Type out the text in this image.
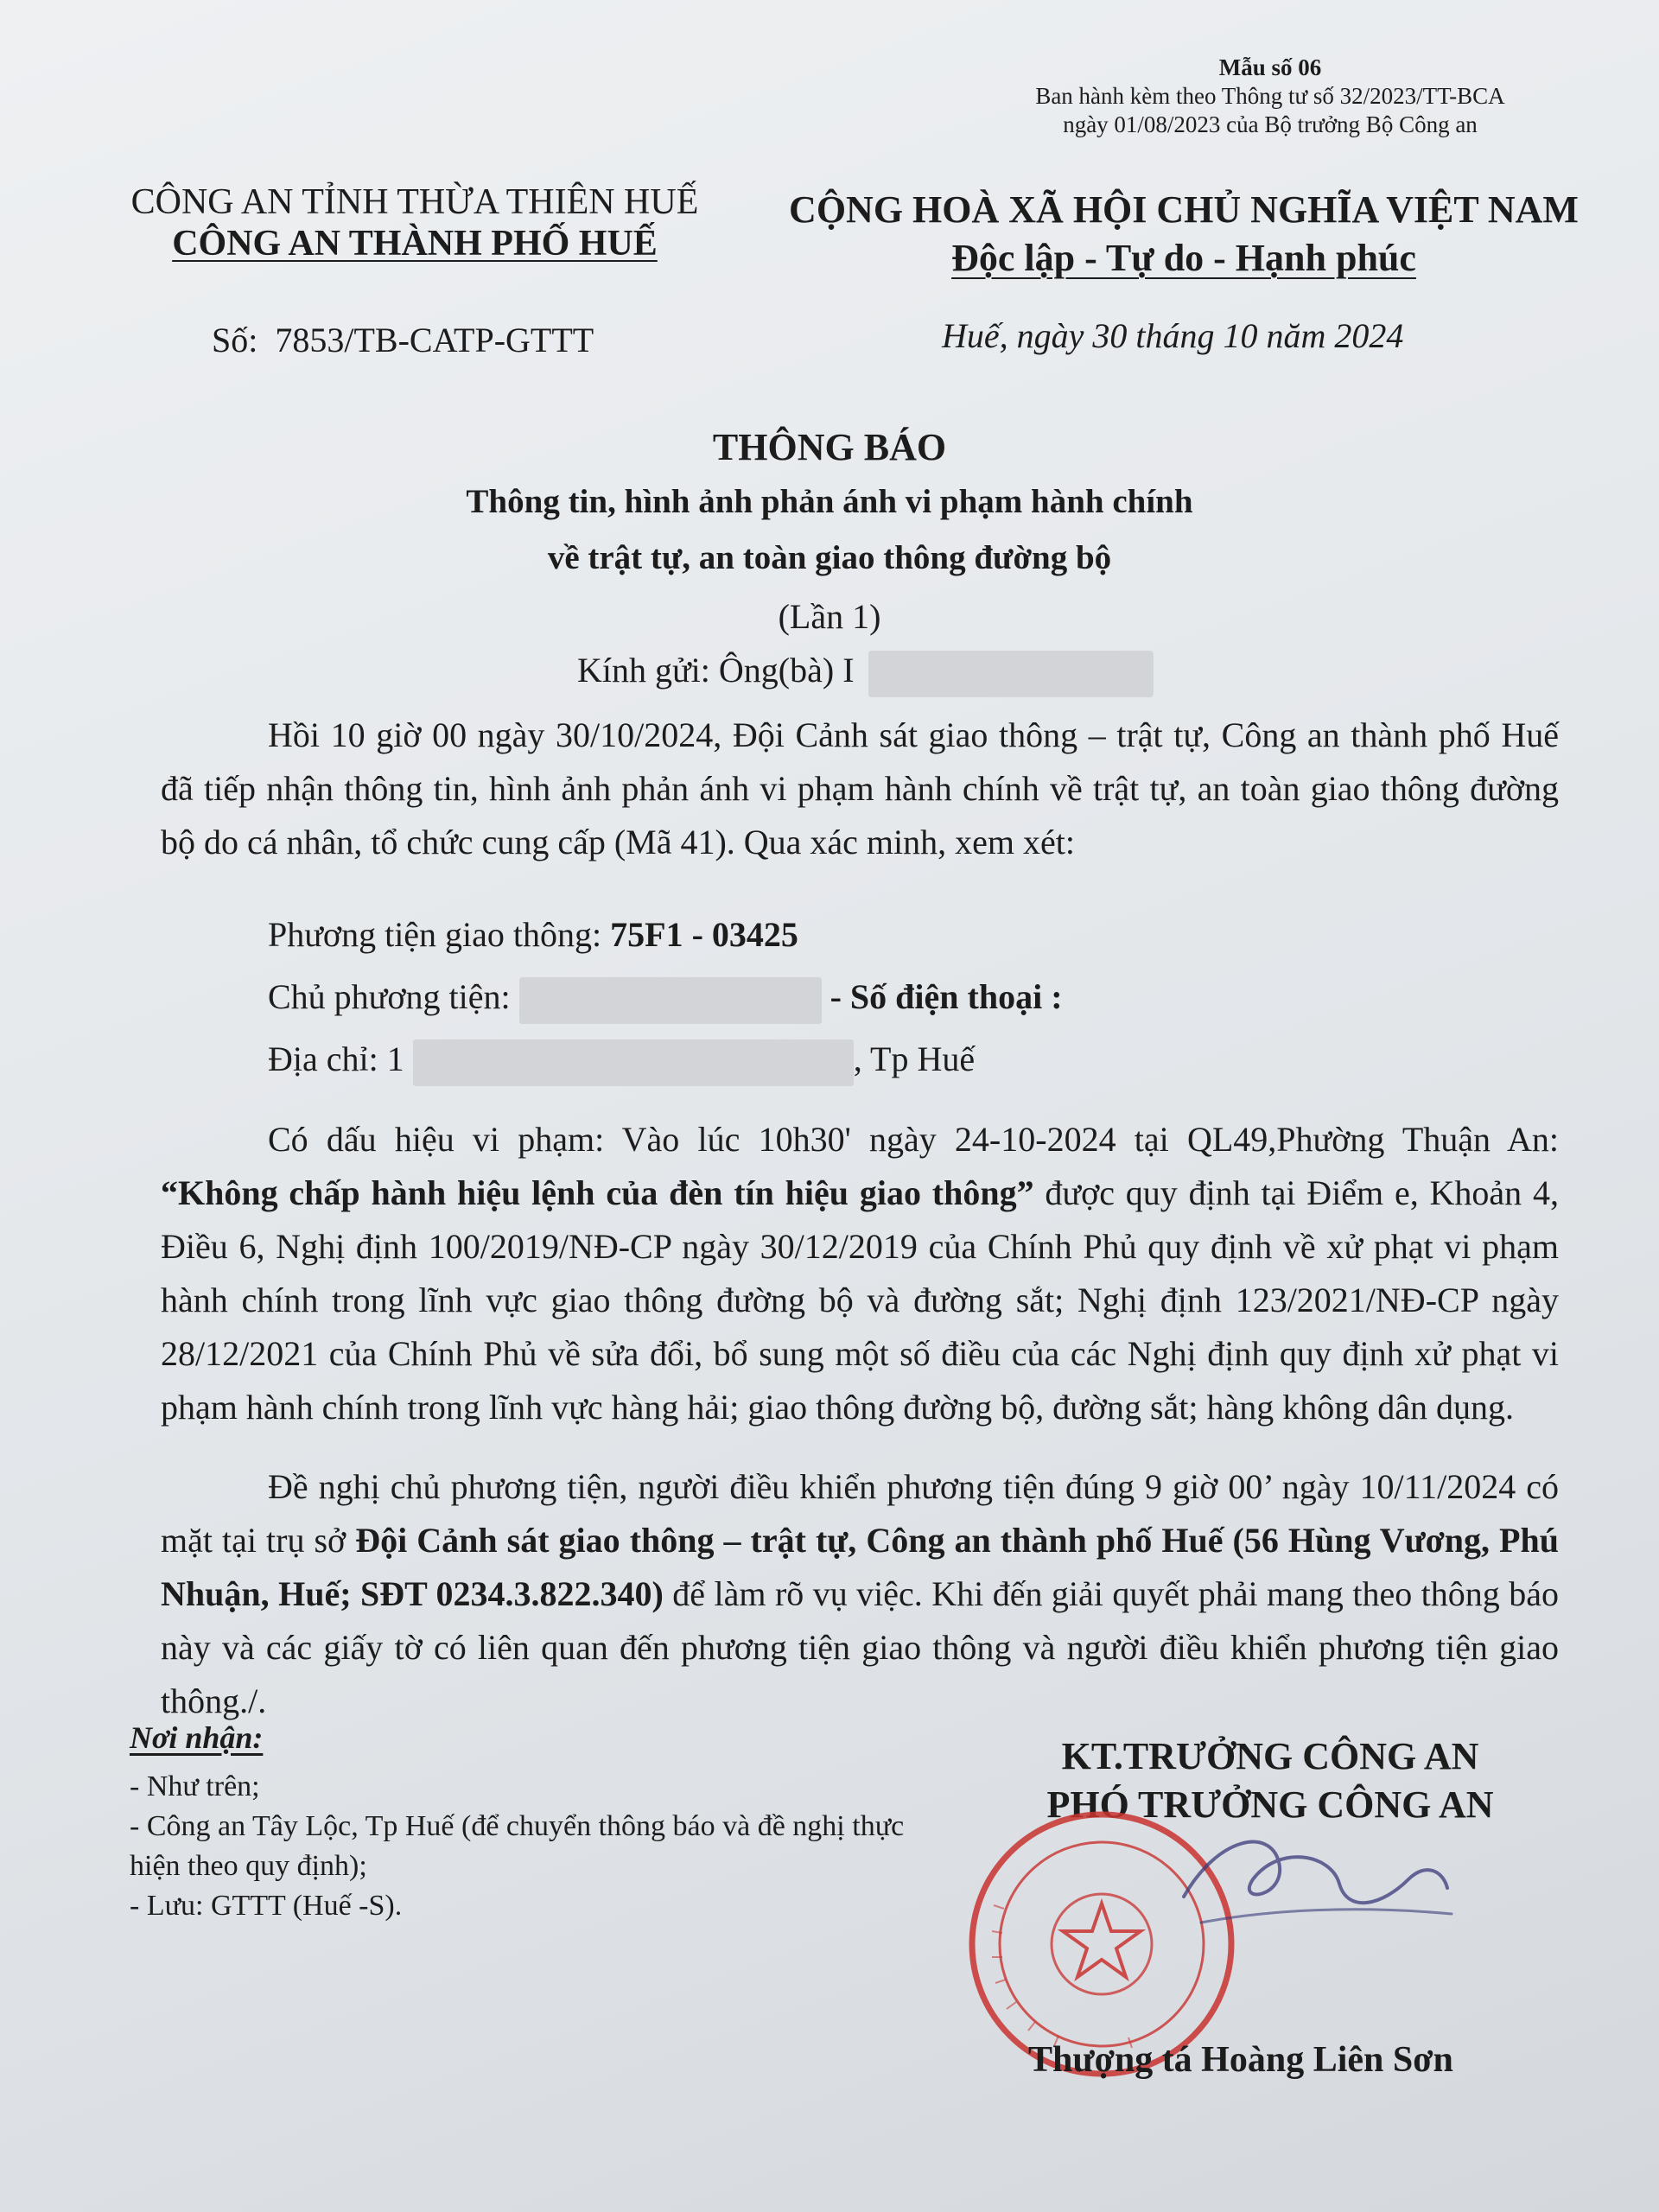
Mẫu số 06
Ban hành kèm theo Thông tư số 32/2023/TT-BCA
ngày 01/08/2023 của Bộ trưởng Bộ Công an
CÔNG AN TỈNH THỪA THIÊN HUẾ
CÔNG AN THÀNH PHỐ HUẾ
CỘNG HOÀ XÃ HỘI CHỦ NGHĨA VIỆT NAM
Độc lập - Tự do - Hạnh phúc
Số: 7853/TB-CATP-GTTT	Huế, ngày 30 tháng 10 năm 2024
THÔNG BÁO
Thông tin, hình ảnh phản ánh vi phạm hành chính
về trật tự, an toàn giao thông đường bộ
(Lần 1)
Kính gửi: Ông(bà) I
Hồi 10 giờ 00 ngày 30/10/2024, Đội Cảnh sát giao thông – trật tự, Công an thành phố Huế đã tiếp nhận thông tin, hình ảnh phản ánh vi phạm hành chính về trật tự, an toàn giao thông đường bộ do cá nhân, tổ chức cung cấp (Mã 41). Qua xác minh, xem xét:
Phương tiện giao thông: 75F1 - 03425
Chủ phương tiện:	- Số điện thoại :
Địa chỉ: 1	, Tp Huế
Có dấu hiệu vi phạm: Vào lúc 10h30' ngày 24-10-2024 tại QL49,Phường Thuận An: “Không chấp hành hiệu lệnh của đèn tín hiệu giao thông” được quy định tại Điểm e, Khoản 4, Điều 6, Nghị định 100/2019/NĐ-CP ngày 30/12/2019 của Chính Phủ quy định về xử phạt vi phạm hành chính trong lĩnh vực giao thông đường bộ và đường sắt; Nghị định 123/2021/NĐ-CP ngày 28/12/2021 của Chính Phủ về sửa đổi, bổ sung một số điều của các Nghị định quy định xử phạt vi phạm hành chính trong lĩnh vực hàng hải; giao thông đường bộ, đường sắt; hàng không dân dụng.
Đề nghị chủ phương tiện, người điều khiển phương tiện đúng 9 giờ 00’ ngày 10/11/2024 có mặt tại trụ sở Đội Cảnh sát giao thông – trật tự, Công an thành phố Huế (56 Hùng Vương, Phú Nhuận, Huế; SĐT 0234.3.822.340) để làm rõ vụ việc. Khi đến giải quyết phải mang theo thông báo này và các giấy tờ có liên quan đến phương tiện giao thông và người điều khiển phương tiện giao thông./.
Nơi nhận:
- Như trên;
- Công an Tây Lộc, Tp Huế (để chuyển thông báo và đề nghị thực hiện theo quy định);
- Lưu: GTTT (Huế -S).
KT.TRƯỞNG CÔNG AN
PHÓ TRƯỞNG CÔNG AN
Thượng tá Hoàng Liên Sơn
